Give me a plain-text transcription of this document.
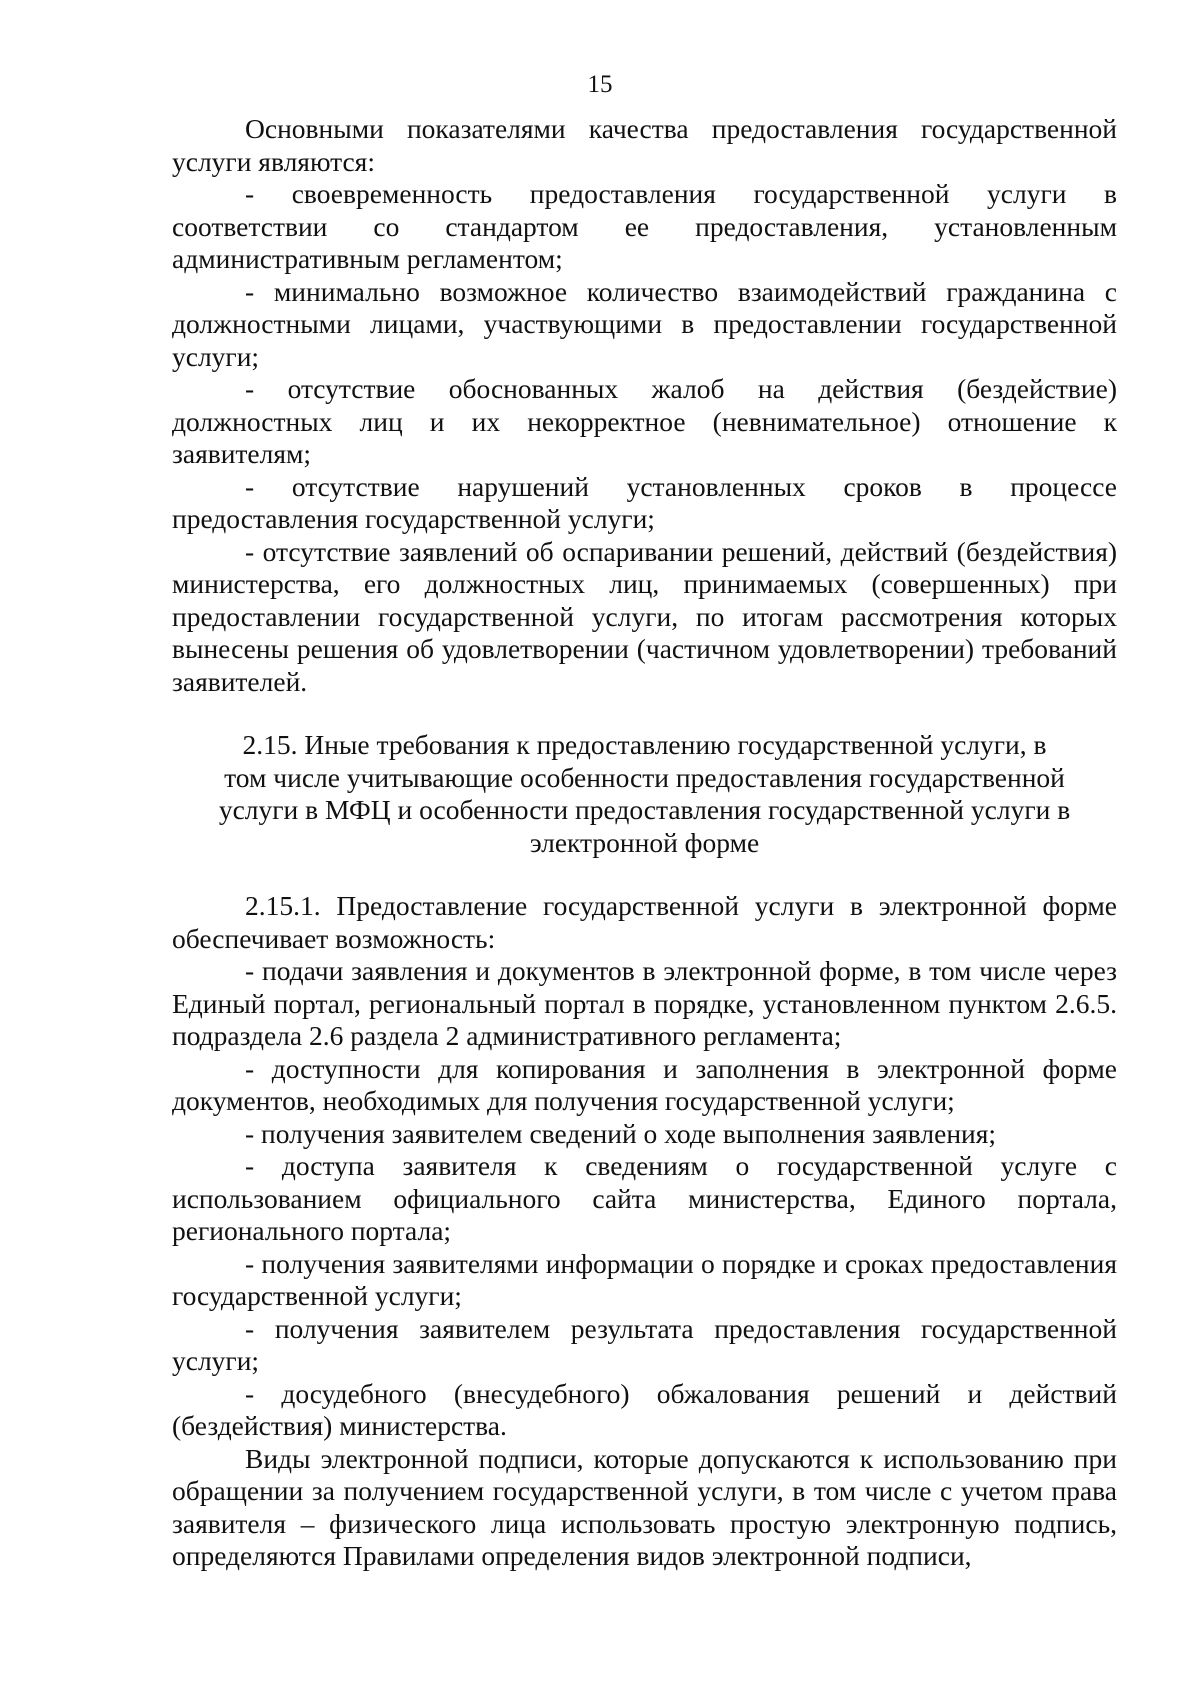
15

Основными показателями качества предоставления государственной услуги являются:

- своевременность предоставления государственной услуги в соответствии со стандартом ее предоставления, установленным административным регламентом;

- минимально возможное количество взаимодействий гражданина с должностными лицами, участвующими в предоставлении государственной услуги;

- отсутствие обоснованных жалоб на действия (бездействие) должностных лиц и их некорректное (невнимательное) отношение к заявителям;

- отсутствие нарушений установленных сроков в процессе предоставления государственной услуги;

- отсутствие заявлений об оспаривании решений, действий (бездействия) министерства, его должностных лиц, принимаемых (совершенных) при предоставлении государственной услуги, по итогам рассмотрения которых вынесены решения об удовлетворении (частичном удовлетворении) требований заявителей.

2.15. Иные требования к предоставлению государственной услуги, в
том числе учитывающие особенности предоставления государственной
услуги в МФЦ и особенности предоставления государственной услуги в
электронной форме

2.15.1. Предоставление государственной услуги в электронной форме обеспечивает возможность:

- подачи заявления и документов в электронной форме, в том числе через Единый портал, региональный портал в порядке, установленном пунктом 2.6.5. подраздела 2.6 раздела 2 административного регламента;

- доступности для копирования и заполнения в электронной форме документов, необходимых для получения государственной услуги;

- получения заявителем сведений о ходе выполнения заявления;

- доступа заявителя к сведениям о государственной услуге с использованием официального сайта министерства, Единого портала, регионального портала;

- получения заявителями информации о порядке и сроках предоставления государственной услуги;

- получения заявителем результата предоставления государственной услуги;

- досудебного (внесудебного) обжалования решений и действий (бездействия) министерства.

Виды электронной подписи, которые допускаются к использованию при обращении за получением государственной услуги, в том числе с учетом права заявителя – физического лица использовать простую электронную подпись, определяются Правилами определения видов электронной подписи,
